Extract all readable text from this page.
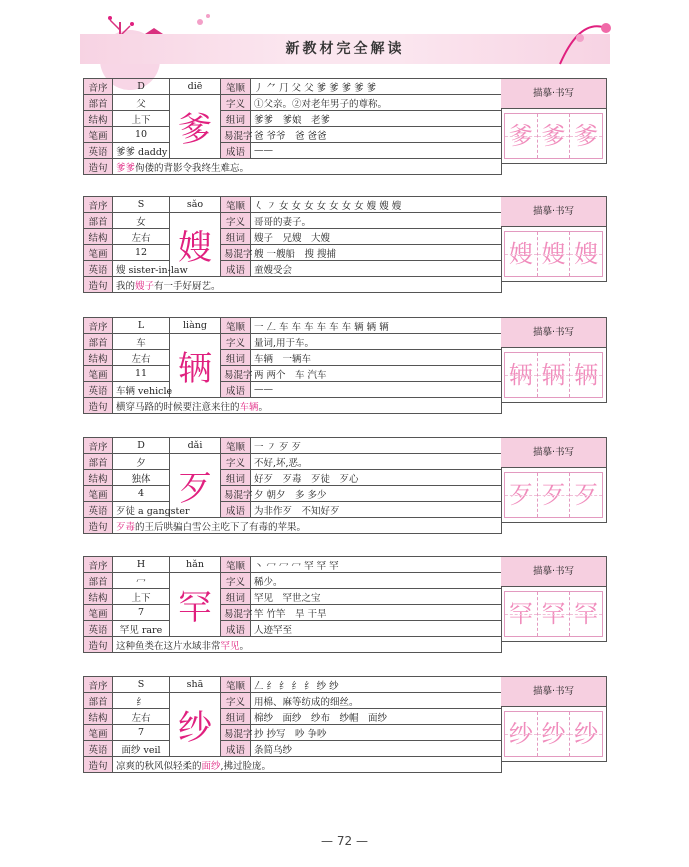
新教材完全解读
音序	D	diē	笔顺	丿 ⺈ ⺆ 父 父 爹 爹 爹 爹 爹
部首	父	爹	字义	①父亲。②对老年男子的尊称。
结构	上下		组词	爹爹　爹娘　老爹
笔画	10		易混字	爸 爷爷　爸 爸爸
英语	爹爹 daddy		成语	——
造句	爹爹佝偻的背影令我终生难忘。			
描摹·书写
爹 爹 爹
音序	S	sǎo	笔顺	𡿨 ㇇ 女 女 女 女 女 女 女 嫂 嫂 嫂
部首	女	嫂	字义	哥哥的妻子。
结构	左右		组词	嫂子　兄嫂　大嫂
笔画	12		易混字	艘 一艘船　搜 搜捕
英语	嫂 sister-in-law		成语	童嫂受会
造句	我的嫂子有一手好厨艺。			
描摹·书写
嫂 嫂 嫂
音序	L	liàng	笔顺	一 𠃋 车 车 车 车 车 车 辆 辆 辆
部首	车	辆	字义	量词,用于车。
结构	左右		组词	车辆　一辆车
笔画	11		易混字	两 两个　车 汽车
英语	车辆 vehicle		成语	——
造句	横穿马路的时候要注意来往的车辆。			
描摹·书写
辆 辆 辆
音序	D	dǎi	笔顺	一 ㇇ 歹 歹
部首	夕	歹	字义	不好,坏,恶。
结构	独体		组词	好歹　歹毒　歹徒　歹心
笔画	4		易混字	夕 朝夕　多 多少
英语	歹徒 a gangster		成语	为非作歹　不知好歹
造句	歹毒的王后哄骗白雪公主吃下了有毒的苹果。			
描摹·书写
歹 歹 歹
音序	H	hǎn	笔顺	丶 冖 冖 冖 罕 罕 罕
部首	冖	罕	字义	稀少。
结构	上下		组词	罕见　罕世之宝
笔画	7		易混字	竿 竹竿　旱 干旱
英语	罕见 rare		成语	人迹罕至
造句	这种鱼类在这片水域非常罕见。			
描摹·书写
罕 罕 罕
音序	S	shā	笔顺	𠃋 纟 纟 纟 纟 纱 纱
部首	纟	纱	字义	用棉、麻等纺成的细丝。
结构	左右		组词	棉纱　面纱　纱布　纱帽　面纱
笔画	7		易混字	抄 抄写　吵 争吵
英语	面纱 veil		成语	条简乌纱
造句	凉爽的秋风似轻柔的面纱,拂过脸庞。			
描摹·书写
纱 纱 纱
— 72 —
